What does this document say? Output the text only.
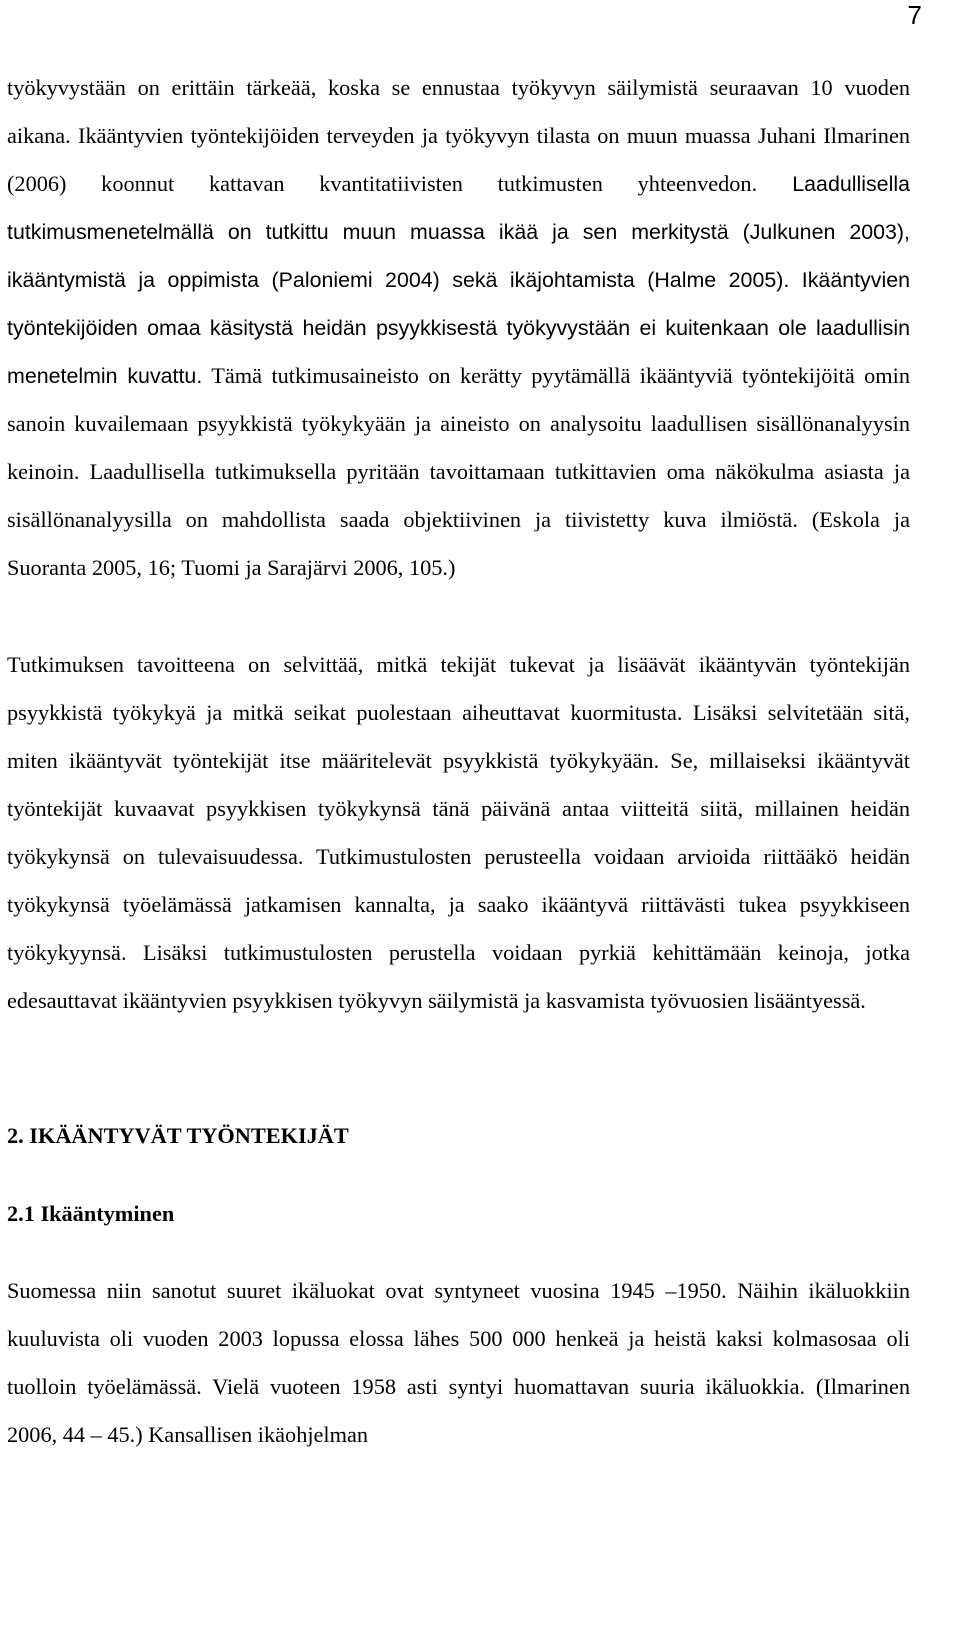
7

työkyvystään on erittäin tärkeää, koska se ennustaa työkyvyn säilymistä seuraavan 10 vuoden aikana. Ikääntyvien työntekijöiden terveyden ja työkyvyn tilasta on muun muassa Juhani Ilmarinen (2006) koonnut kattavan kvantitatiivisten tutkimusten yhteenvedon. Laadullisella tutkimusmenetelmällä on tutkittu muun muassa ikää ja sen merkitystä (Julkunen 2003), ikääntymistä ja oppimista (Paloniemi 2004) sekä ikäjohtamista (Halme 2005). Ikääntyvien työntekijöiden omaa käsitystä heidän psyykkisestä työkyvystään ei kuitenkaan ole laadullisin menetelmin kuvattu. Tämä tutkimusaineisto on kerätty pyytämällä ikääntyviä työntekijöitä omin sanoin kuvailemaan psyykkistä työkykyään ja aineisto on analysoitu laadullisen sisällönanalyysin keinoin. Laadullisella tutkimuksella pyritään tavoittamaan tutkittavien oma näkökulma asiasta ja sisällönanalyysilla on mahdollista saada objektiivinen ja tiivistetty kuva ilmiöstä. (Eskola ja Suoranta 2005, 16; Tuomi ja Sarajärvi 2006, 105.)

Tutkimuksen tavoitteena on selvittää, mitkä tekijät tukevat ja lisäävät ikääntyvän työntekijän psyykkistä työkykyä ja mitkä seikat puolestaan aiheuttavat kuormitusta. Lisäksi selvitetään sitä, miten ikääntyvät työntekijät itse määritelevät psyykkistä työkykyään. Se, millaiseksi ikääntyvät työntekijät kuvaavat psyykkisen työkykynsä tänä päivänä antaa viitteitä siitä, millainen heidän työkykynsä on tulevaisuudessa. Tutkimustulosten perusteella voidaan arvioida riittääkö heidän työkykynsä työelämässä jatkamisen kannalta, ja saako ikääntyvä riittävästi tukea psyykkiseen työkykyynsä. Lisäksi tutkimustulosten perustella voidaan pyrkiä kehittämään keinoja, jotka edesauttavat ikääntyvien psyykkisen työkyvyn säilymistä ja kasvamista työvuosien lisääntyessä.

2. IKÄÄNTYVÄT TYÖNTEKIJÄT
2.1 Ikääntyminen

Suomessa niin sanotut suuret ikäluokat ovat syntyneet vuosina 1945 –1950. Näihin ikäluokkiin kuuluvista oli vuoden 2003 lopussa elossa lähes 500 000 henkeä ja heistä kaksi kolmasosaa oli tuolloin työelämässä. Vielä vuoteen 1958 asti syntyi huomattavan suuria ikäluokkia. (Ilmarinen 2006, 44 – 45.) Kansallisen ikäohjelman
